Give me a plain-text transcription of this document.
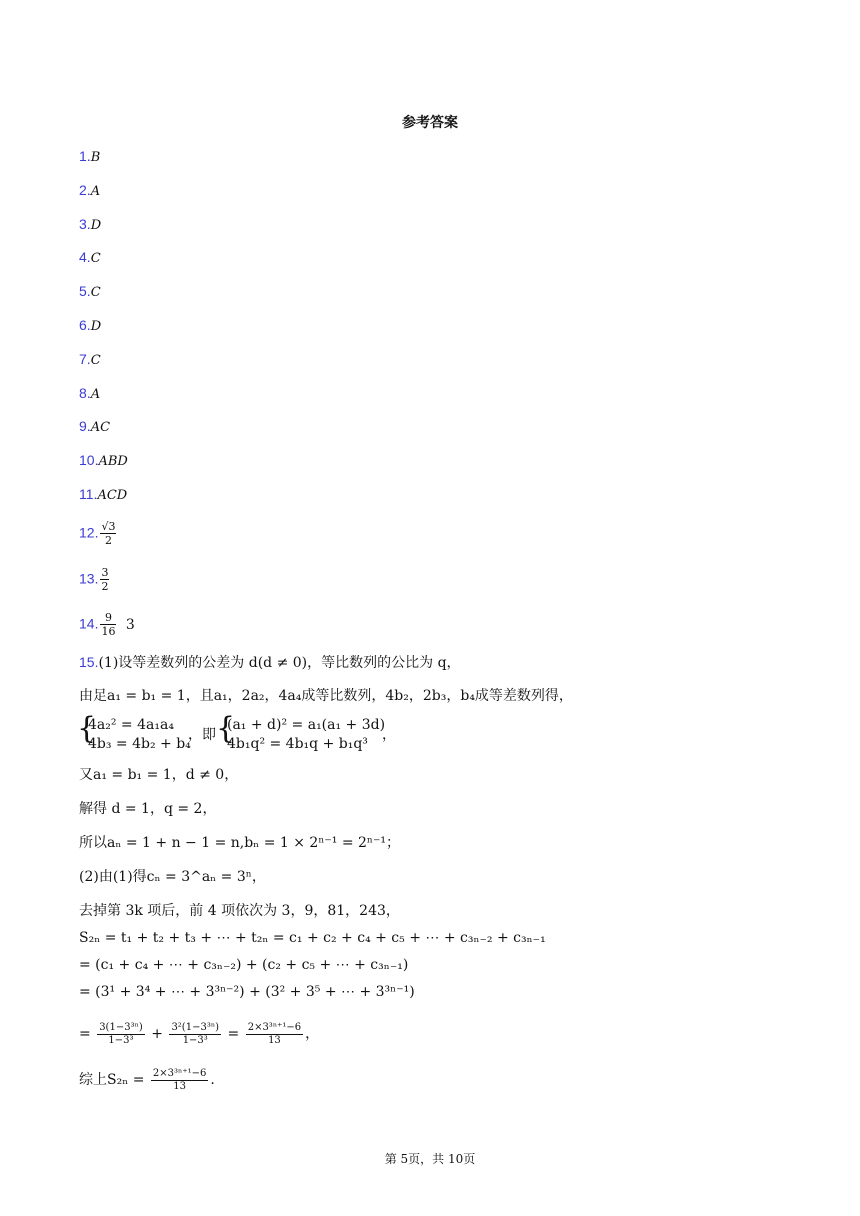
参考答案
1.B
2.A
3.D
4.C
5.C
6.D
7.C
8.A
9.AC
10.ABD
11.ACD
12. $\frac{√3}{2}$
13. $\frac{3}{2}$
14. $\frac{9}{16} 3$
15.(1)设等差数列的公差为 d(d ≠ 0)，等比数列的公比为 q，
由足a₁ = b₁ = 1，且a₁，2a₂，4a₄成等比数列，4b₂，2b₃，b₄成等差数列得，
{
4a₂² = 4a₁a₄
4b₃ = 4b₂ + b₄
，即 {
(a₁ + d)² = a₁(a₁ + 3d)
4b₁q² = 4b₁q + b₁q³
，
又a₁ = b₁ = 1，d ≠ 0，
解得 d = 1，q = 2，
所以aₙ = 1 + n − 1 = n,bₙ = 1 × 2ⁿ⁻¹ = 2ⁿ⁻¹；
(2)由(1)得cₙ = 3^aₙ = 3ⁿ，
去掉第 3k 项后，前 4 项依次为 3，9，81，243，
S₂ₙ = t₁ + t₂ + t₃ + ⋯ + t₂ₙ = c₁ + c₂ + c₄ + c₅ + ⋯ + c₃ₙ₋₂ + c₃ₙ₋₁
= (c₁ + c₄ + ⋯ + c₃ₙ₋₂) + (c₂ + c₅ + ⋯ + c₃ₙ₋₁)
= (3¹ + 3⁴ + ⋯ + 3³ⁿ⁻²) + (3² + 3⁵ + ⋯ + 3³ⁿ⁻¹)
= $\frac{\text{3(1−3³ⁿ)}}{\text{1−3³}} + \frac{\text{3²(1−3³ⁿ)}}{\text{1−3³}} = \frac{\text{2×3³ⁿ⁺¹−6}}{13}$ ，
综上$S_{2n} = \frac{\text{2×3³ⁿ⁺¹−6}}{13}$ .
第 5页，共 10页
